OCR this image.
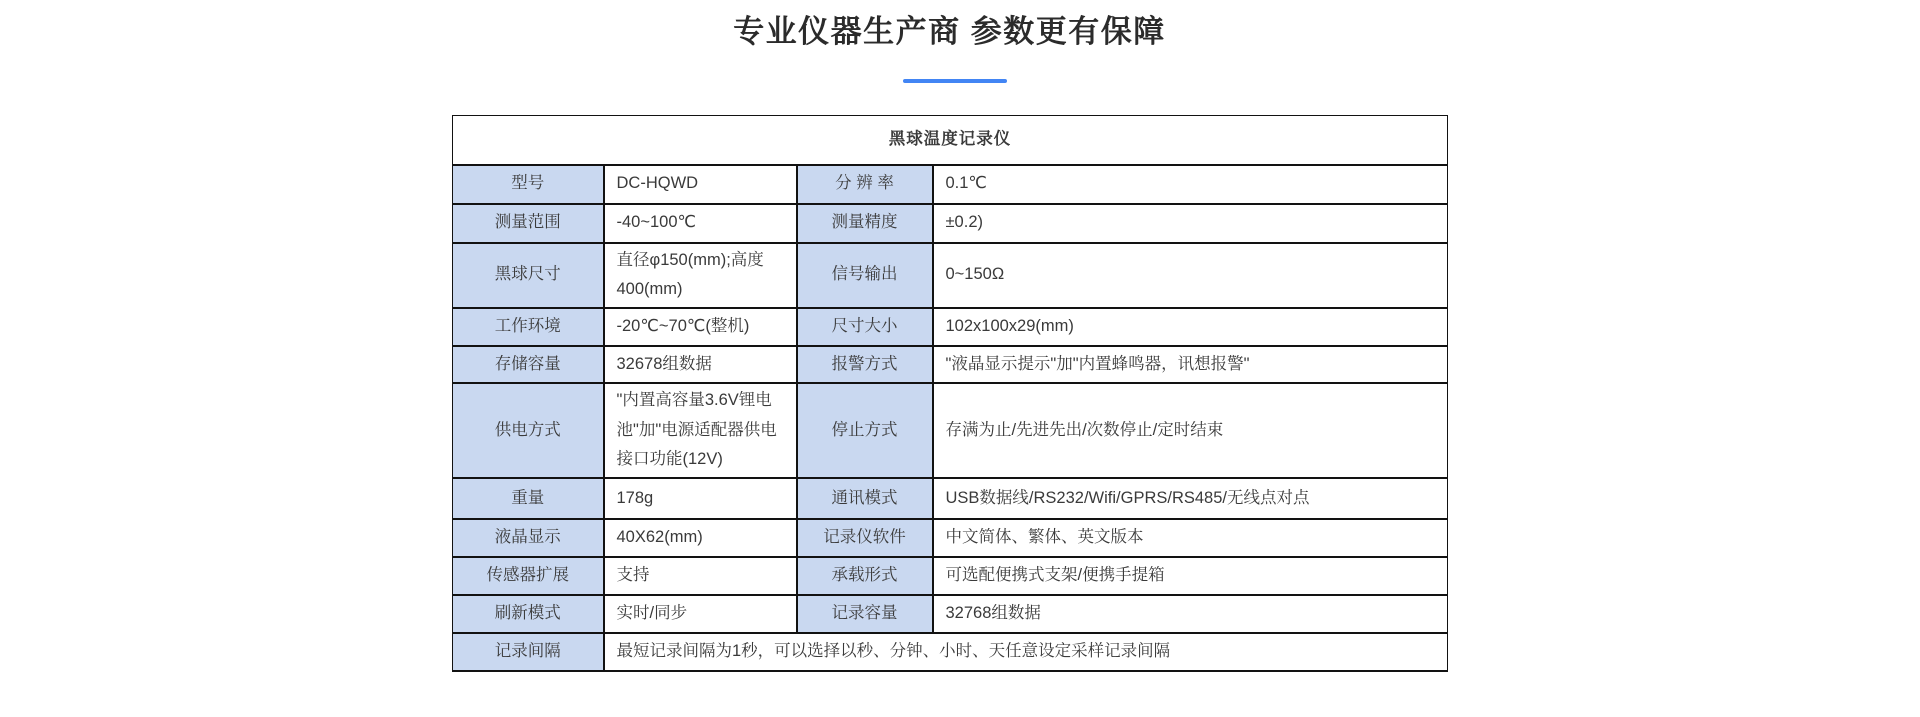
专业仪器生产商 参数更有保障
黑球温度记录仪			
型号	DC-HQWD	分 辨 率	0.1℃
测量范围	-40~100℃	测量精度	±0.2)
黑球尺寸	直径φ150(mm);高度 400(mm)	信号输出	0~150Ω
工作环境	-20℃~70℃(整机)	尺寸大小	102x100x29(mm)
存储容量	32678组数据	报警方式	"液晶显示提示"加"内置蜂鸣器，讯想报警"
供电方式	"内置高容量3.6V锂电池"加"电源适配器供电接口功能(12V)	停止方式	存满为止/先进先出/次数停止/定时结束
重量	178g	通讯模式	USB数据线/RS232/Wifi/GPRS/RS485/无线点对点
液晶显示	40X62(mm)	记录仪软件	中文简体、繁体、英文版本
传感器扩展	支持	承载形式	可选配便携式支架/便携手提箱
刷新模式	实时/同步	记录容量	32768组数据
记录间隔	最短记录间隔为1秒，可以选择以秒、分钟、小时、天任意设定采样记录间隔		
